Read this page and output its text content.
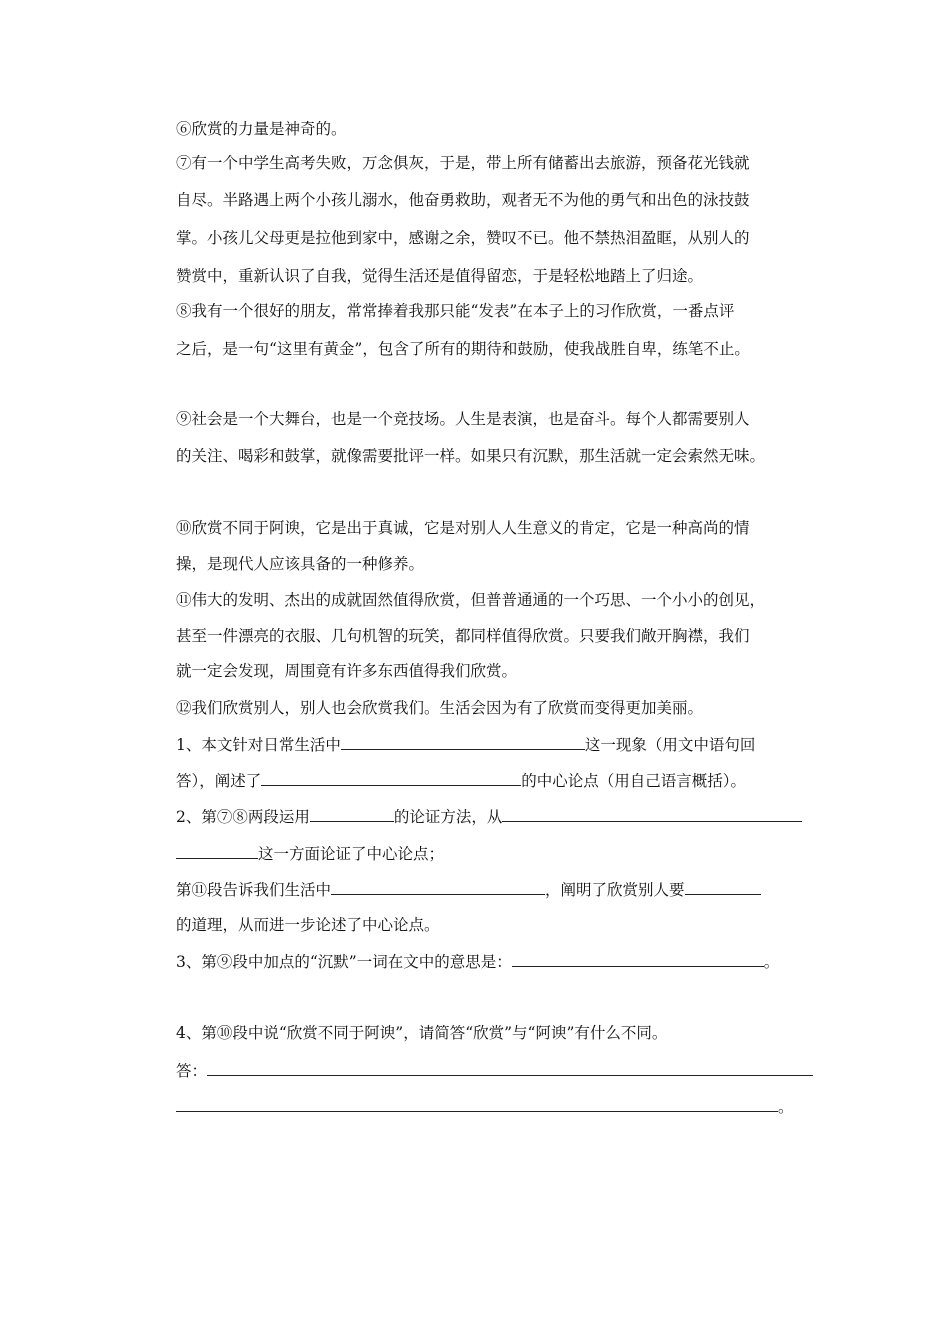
⑥欣赏的力量是神奇的。
⑦有一个中学生高考失败，万念俱灰，于是，带上所有储蓄出去旅游，预备花光钱就
自尽。半路遇上两个小孩儿溺水，他奋勇救助，观者无不为他的勇气和出色的泳技鼓
掌。小孩儿父母更是拉他到家中，感谢之余，赞叹不已。他不禁热泪盈眶，从别人的
赞赏中，重新认识了自我，觉得生活还是值得留恋，于是轻松地踏上了归途。
⑧我有一个很好的朋友，常常捧着我那只能“发表”在本子上的习作欣赏，一番点评
之后，是一句“这里有黄金”，包含了所有的期待和鼓励，使我战胜自卑，练笔不止。
⑨社会是一个大舞台，也是一个竞技场。人生是表演，也是奋斗。每个人都需要别人
的关注、喝彩和鼓掌，就像需要批评一样。如果只有沉默，那生活就一定会索然无味。
⑩欣赏不同于阿谀，它是出于真诚，它是对别人人生意义的肯定，它是一种高尚的情
操，是现代人应该具备的一种修养。
⑪伟大的发明、杰出的成就固然值得欣赏，但普普通通的一个巧思、一个小小的创见，
甚至一件漂亮的衣服、几句机智的玩笑，都同样值得欣赏。只要我们敞开胸襟，我们
就一定会发现，周围竟有许多东西值得我们欣赏。
⑫我们欣赏别人，别人也会欣赏我们。生活会因为有了欣赏而变得更加美丽。
1、本文针对日常生活中	这一现象（用文中语句回
答），阐述了	的中心论点（用自己语言概括）。
2、第⑦⑧两段运用	的论证方法，从
这一方面论证了中心论点；
第⑪段告诉我们生活中	，阐明了欣赏别人要
的道理，从而进一步论述了中心论点。
3、第⑨段中加点的“沉默”一词在文中的意思是：	。
4、第⑩段中说“欣赏不同于阿谀”，请简答“欣赏”与“阿谀”有什么不同。
答：
。
